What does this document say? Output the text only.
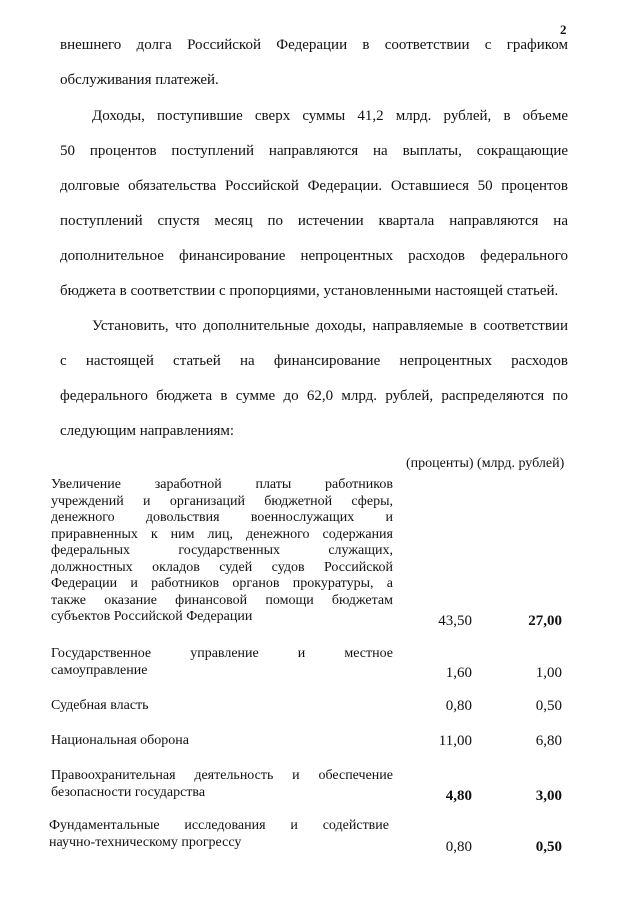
2
внешнего долга Российской Федерации в соответствии с графиком
обслуживания платежей.
Доходы, поступившие сверх суммы 41,2 млрд. рублей, в объеме
50 процентов поступлений направляются на выплаты, сокращающие
долговые обязательства Российской Федерации. Оставшиеся 50 процентов
поступлений спустя месяц по истечении квартала направляются на
дополнительное финансирование непроцентных расходов федерального
бюджета в соответствии с пропорциями, установленными настоящей статьей.
Установить, что дополнительные доходы, направляемые в соответствии
с настоящей статьей на финансирование непроцентных расходов
федерального бюджета в сумме до 62,0 млрд. рублей, распределяются по
следующим направлениям:
(проценты) (млрд. рублей)
Увеличение заработной платы работников
учреждений и организаций бюджетной сферы,
денежного довольствия военнослужащих и
приравненных к ним лиц, денежного содержания
федеральных государственных служащих,
должностных окладов судей судов Российской
Федерации и работников органов прокуратуры, а
также оказание финансовой помощи бюджетам
субъектов Российской Федерации	43,50	27,00
Государственное управление и местное
самоуправление	1,60	1,00
Судебная власть	0,80	0,50
Национальная оборона	11,00	6,80
Правоохранительная деятельность и обеспечение
безопасности государства	4,80	3,00
Фундаментальные исследования и содействие
научно-техническому прогрессу	0,80	0,50
